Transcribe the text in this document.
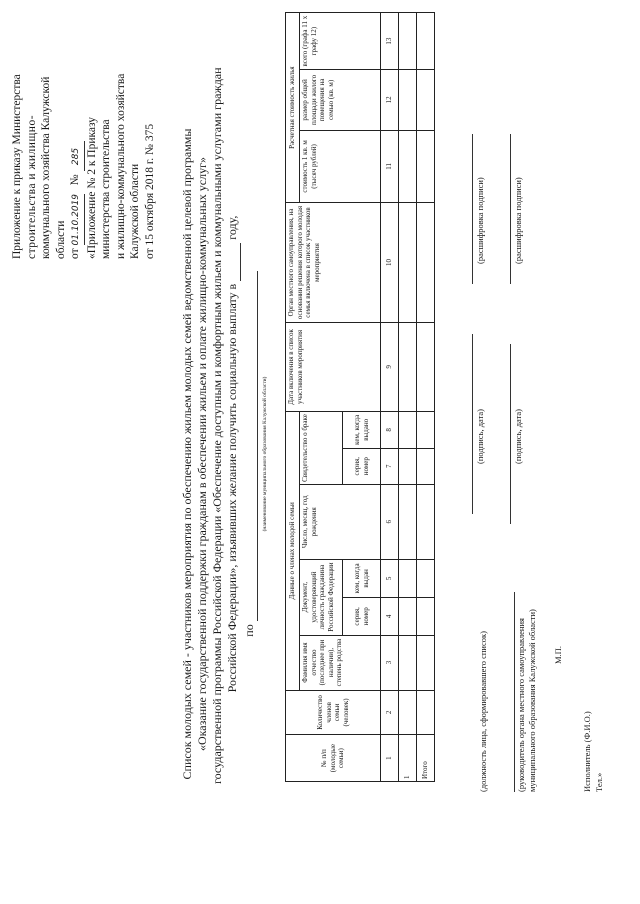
Приложение к приказу Министерства строительства и жилищно- коммунального хозяйства Калужской области от 01.10.2019   № 285 «Приложение № 2 к Приказу министерства строительства и жилищно-коммунального хозяйства Калужской области от 15 октября 2018 г. № 375 Список молодых семей - участников мероприятия по обеспечению жильем молодых семей ведомственной целевой программы «Оказание государственной поддержки гражданам в обеспечении жильем и оплате жилищно-коммунальных услуг» государственной программы Российской Федерации «Обеспечение доступным и комфортным жильем и коммунальными услугами граждан Российской Федерации», изъявивших желание получить социальную выплату в   году,
по
(наименование муниципального образования Калужской области)
№ п/п (молодые семьи)	Количество членов семьи (человек)	Данные о членах молодой семьи						Дата включения в список участников мероприятия	Орган местного самоуправления, на основании решения которого молодая семья включена в список участников мероприятия	Расчетная стоимость жилья		
		Фамилия имя отчество (последнее при наличии), степень родства	Документ, удостоверяющий личность гражданина Российской Федерации		Число, месяц, год рождения	Свидетельство о браке				стоимость 1 кв. м (тысяч рублей)	размер общей площади жилого помещения на семью (кв. м)	всего (графа 11 х графу 12)
			серия, номер	кем, когда выдан		серия, номер	кем, когда выдано					
1	2	3	4	5	6	7	8	9	10	11	12	13
1												
Итого													(должность лица, сформировавшего список)
(подпись, дата)
(расшифровка подписи)
(руководитель органа местного самоуправления муниципального образования Калужской области)
(подпись, дата)
(расшифровка подписи)
М.П.
Исполнитель (Ф.И.О.) Тел.»
